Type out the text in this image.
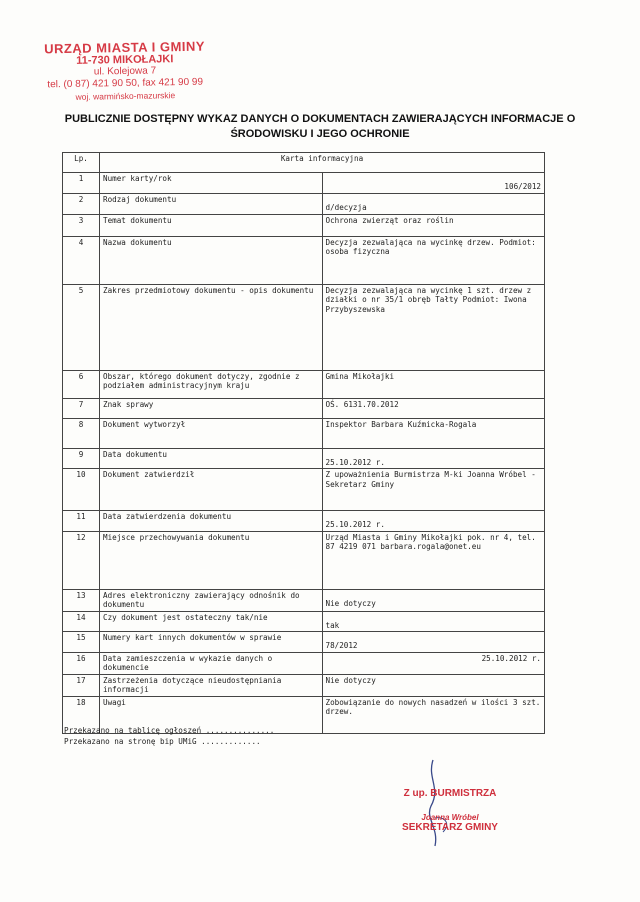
URZĄD MIASTA I GMINY
11-730 MIKOŁAJKI
ul. Kolejowa 7
tel. (0 87) 421 90 50, fax 421 90 99
woj. warmińsko-mazurskie
PUBLICZNIE DOSTĘPNY WYKAZ DANYCH O DOKUMENTACH ZAWIERAJĄCYCH INFORMACJE O
ŚRODOWISKU I JEGO OCHRONIE
Lp.	Karta informacyjna	
1	Numer karty/rok	106/2012

2	Rodzaj dokumentu	d/decyzja

3	Temat dokumentu	Ochrona zwierząt oraz roślin
4	Nazwa dokumentu	Decyzja zezwalająca na wycinkę drzew. Podmiot: osoba fizyczna
5	Zakres przedmiotowy dokumentu - opis dokumentu	Decyzja zezwalająca na wycinkę 1 szt. drzew z działki o nr 35/1 obręb Tałty Podmiot: Iwona Przybyszewska
6	Obszar, którego dokument dotyczy, zgodnie z podziałem administracyjnym kraju	Gmina Mikołajki
7	Znak sprawy	OŚ. 6131.70.2012
8	Dokument wytworzył	Inspektor Barbara Kuźmicka-Rogala
9	Data dokumentu	25.10.2012 r.

10	Dokument zatwierdził	Z upoważnienia Burmistrza M-ki Joanna Wróbel - Sekretarz Gminy
11	Data zatwierdzenia dokumentu	25.10.2012 r.

12	Miejsce przechowywania dokumentu	Urząd Miasta i Gminy Mikołajki pok. nr 4, tel. 87 4219 071 barbara.rogala@onet.eu
13	Adres elektroniczny zawierający odnośnik do dokumentu	Nie dotyczy

14	Czy dokument jest ostateczny tak/nie	tak

15	Numery kart innych dokumentów w sprawie	78/2012

16	Data zamieszczenia w wykazie danych o dokumencie	25.10.2012 r.
17	Zastrzeżenia dotyczące nieudostępniania informacji	Nie dotyczy
18	Uwagi	Zobowiązanie do nowych nasadzeń w ilości 3 szt. drzew.
Przekazano na tablicę ogłoszeń ...............
Przekazano na stronę bip UMiG .............
Z up. BURMISTRZA
Joanna Wróbel
SEKRETARZ GMINY
